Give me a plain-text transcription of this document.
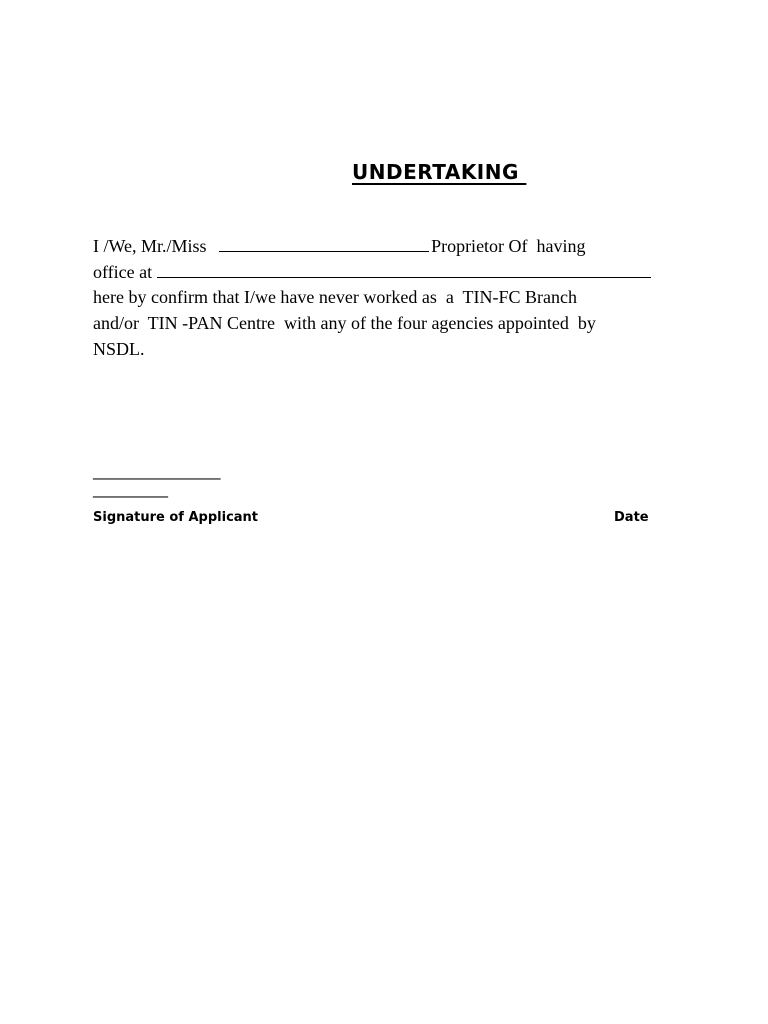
UNDERTAKING
I /We, Mr./Miss	Proprietor Of  having
office at
here by confirm that I/we have never worked as  a  TIN-FC Branch
and/or  TIN -PAN Centre  with any of the four agencies appointed  by
NSDL.
_________________
__________
Signature of Applicant	Date
